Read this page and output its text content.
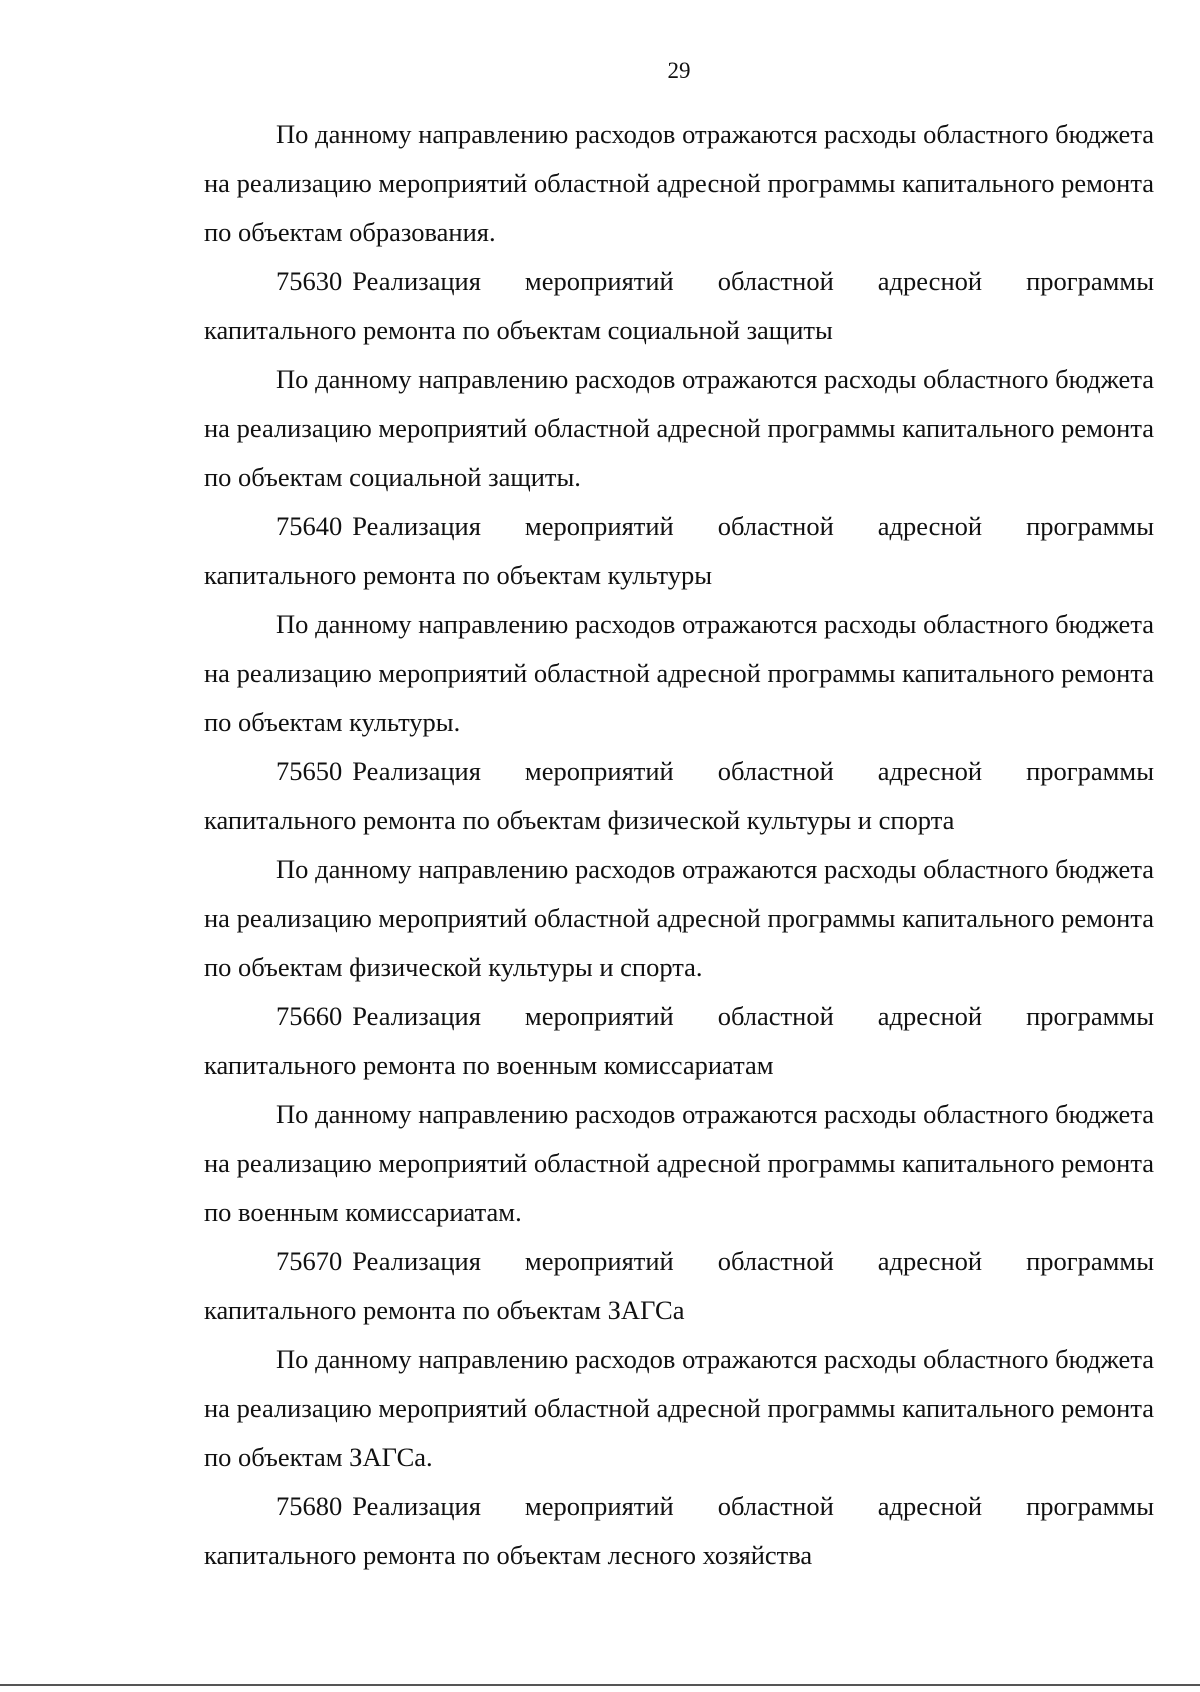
29

По данному направлению расходов отражаются расходы областного бюджета на реализацию мероприятий областной адресной программы капитального ремонта по объектам образования.

75630 Реализация мероприятий областной адресной программы капитального ремонта по объектам социальной защиты

По данному направлению расходов отражаются расходы областного бюджета на реализацию мероприятий областной адресной программы капитального ремонта по объектам социальной защиты.

75640 Реализация мероприятий областной адресной программы капитального ремонта по объектам культуры

По данному направлению расходов отражаются расходы областного бюджета на реализацию мероприятий областной адресной программы капитального ремонта по объектам культуры.

75650 Реализация мероприятий областной адресной программы капитального ремонта по объектам физической культуры и спорта

По данному направлению расходов отражаются расходы областного бюджета на реализацию мероприятий областной адресной программы капитального ремонта по объектам физической культуры и спорта.

75660 Реализация мероприятий областной адресной программы капитального ремонта по военным комиссариатам

По данному направлению расходов отражаются расходы областного бюджета на реализацию мероприятий областной адресной программы капитального ремонта по военным комиссариатам.

75670 Реализация мероприятий областной адресной программы капитального ремонта по объектам ЗАГСа

По данному направлению расходов отражаются расходы областного бюджета на реализацию мероприятий областной адресной программы капитального ремонта по объектам ЗАГСа.

75680 Реализация мероприятий областной адресной программы капитального ремонта по объектам лесного хозяйства
